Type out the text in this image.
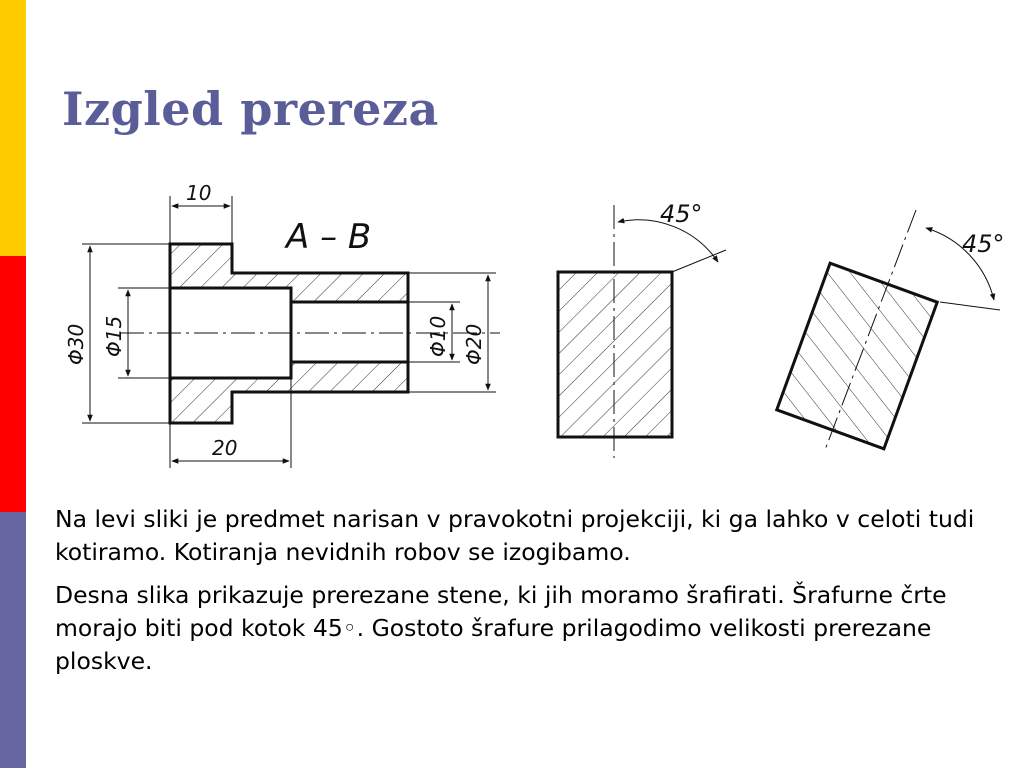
Izgled prereza
10
20
Φ30 Φ15	Φ10 Φ20
A – B
45°
45°

Na levi sliki je predmet narisan v pravokotni projekciji, ki ga lahko v celoti tudi kotiramo. Kotiranja nevidnih robov se izogibamo.

Desna slika prikazuje prerezane stene, ki jih moramo šrafirati. Šrafurne črte morajo biti pod kotok 45◦. Gostoto šrafure prilagodimo velikosti prerezane ploskve.
